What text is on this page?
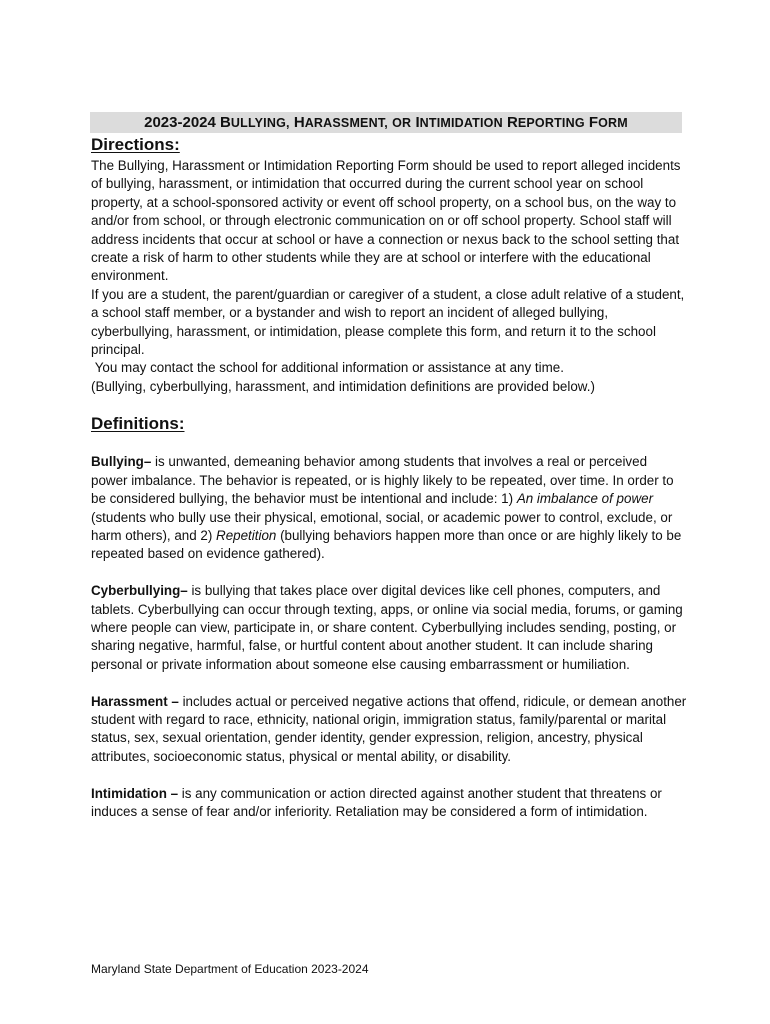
2023-2024 BULLYING, HARASSMENT, OR INTIMIDATION REPORTING FORM
Directions:

The Bullying, Harassment or Intimidation Reporting Form should be used to report alleged incidents of bullying, harassment, or intimidation that occurred during the current school year on school property, at a school-sponsored activity or event off school property, on a school bus, on the way to and/or from school, or through electronic communication on or off school property. School staff will address incidents that occur at school or have a connection or nexus back to the school setting that create a risk of harm to other students while they are at school or interfere with the educational environment.

If you are a student, the parent/guardian or caregiver of a student, a close adult relative of a student, a school staff member, or a bystander and wish to report an incident of alleged bullying, cyberbullying, harassment, or intimidation, please complete this form, and return it to the school principal.

You may contact the school for additional information or assistance at any time.

(Bullying, cyberbullying, harassment, and intimidation definitions are provided below.)

Definitions:

Bullying– is unwanted, demeaning behavior among students that involves a real or perceived power imbalance. The behavior is repeated, or is highly likely to be repeated, over time. In order to be considered bullying, the behavior must be intentional and include: 1) An imbalance of power (students who bully use their physical, emotional, social, or academic power to control, exclude, or harm others), and 2) Repetition (bullying behaviors happen more than once or are highly likely to be repeated based on evidence gathered).

Cyberbullying– is bullying that takes place over digital devices like cell phones, computers, and tablets. Cyberbullying can occur through texting, apps, or online via social media, forums, or gaming where people can view, participate in, or share content. Cyberbullying includes sending, posting, or sharing negative, harmful, false, or hurtful content about another student. It can include sharing personal or private information about someone else causing embarrassment or humiliation.

Harassment – includes actual or perceived negative actions that offend, ridicule, or demean another student with regard to race, ethnicity, national origin, immigration status, family/parental or marital status, sex, sexual orientation, gender identity, gender expression, religion, ancestry, physical attributes, socioeconomic status, physical or mental ability, or disability.

Intimidation – is any communication or action directed against another student that threatens or induces a sense of fear and/or inferiority. Retaliation may be considered a form of intimidation.

Maryland State Department of Education 2023-2024
